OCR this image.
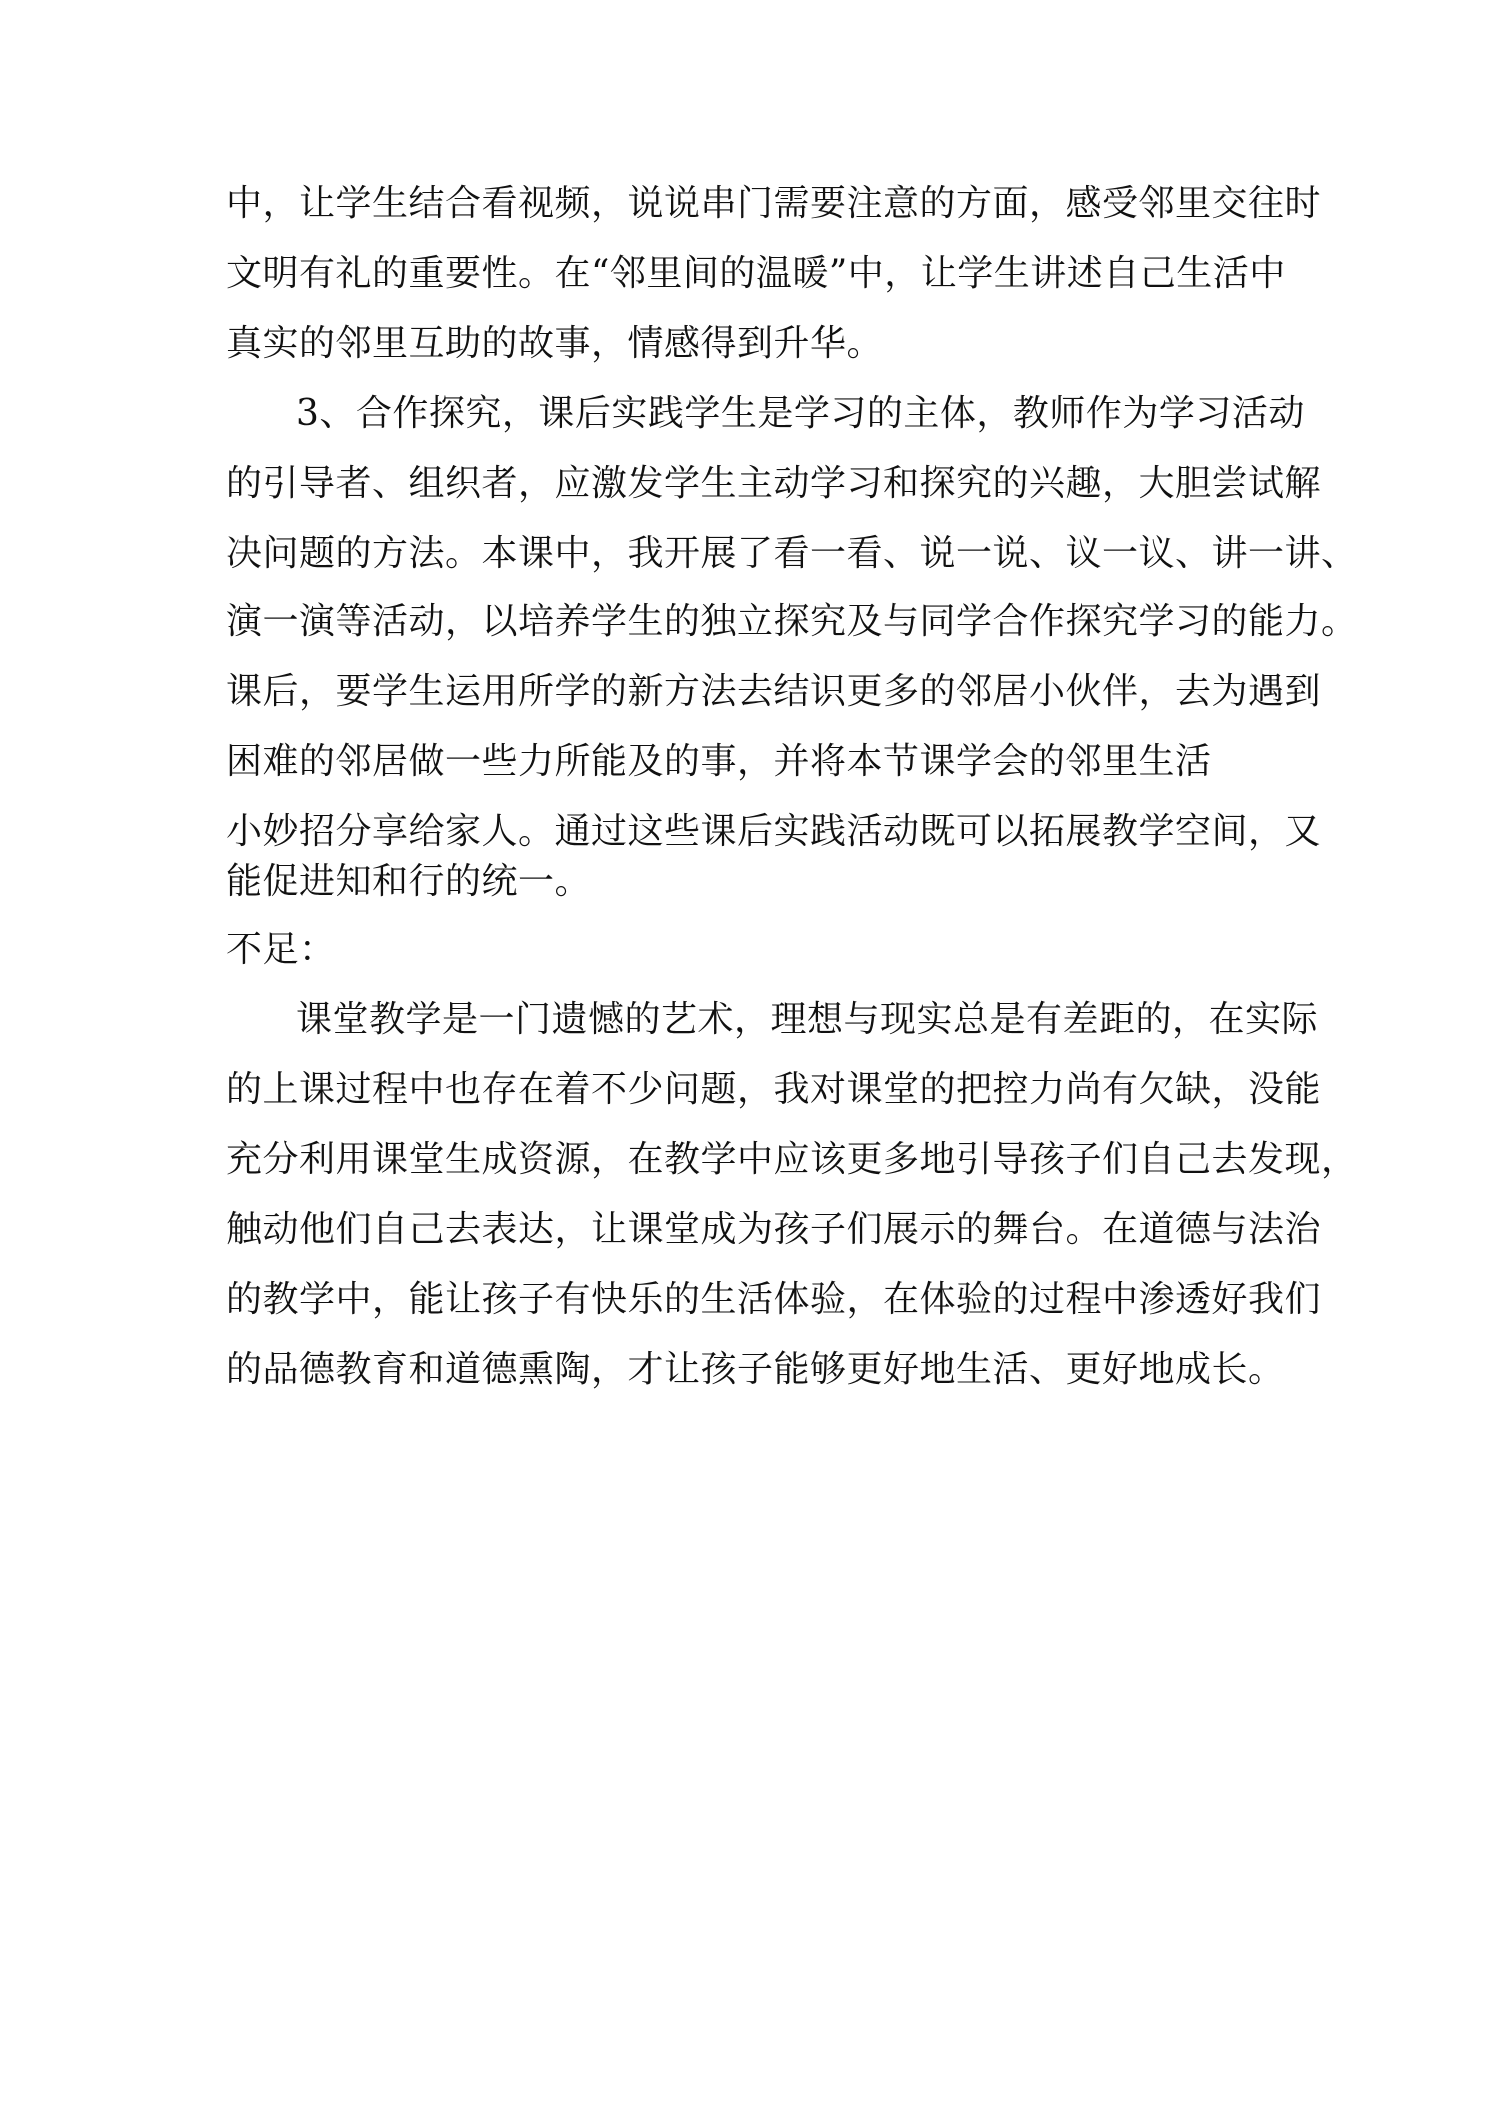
中，让学生结合看视频，说说串门需要注意的方面，感受邻里交往时
文明有礼的重要性。在“邻里间的温暖”中，让学生讲述自己生活中
真实的邻里互助的故事，情感得到升华。
3、合作探究，课后实践学生是学习的主体，教师作为学习活动
的引导者、组织者，应激发学生主动学习和探究的兴趣，大胆尝试解
决问题的方法。本课中，我开展了看一看、说一说、议一议、讲一讲、
演一演等活动，以培养学生的独立探究及与同学合作探究学习的能力。
课后，要学生运用所学的新方法去结识更多的邻居小伙伴，去为遇到
困难的邻居做一些力所能及的事，并将本节课学会的邻里生活
小妙招分享给家人。通过这些课后实践活动既可以拓展教学空间，又
能促进知和行的统一。
不足：
课堂教学是一门遗憾的艺术，理想与现实总是有差距的，在实际
的上课过程中也存在着不少问题，我对课堂的把控力尚有欠缺，没能
充分利用课堂生成资源，在教学中应该更多地引导孩子们自己去发现，
触动他们自己去表达，让课堂成为孩子们展示的舞台。在道德与法治
的教学中，能让孩子有快乐的生活体验，在体验的过程中渗透好我们
的品德教育和道德熏陶，才让孩子能够更好地生活、更好地成长。
